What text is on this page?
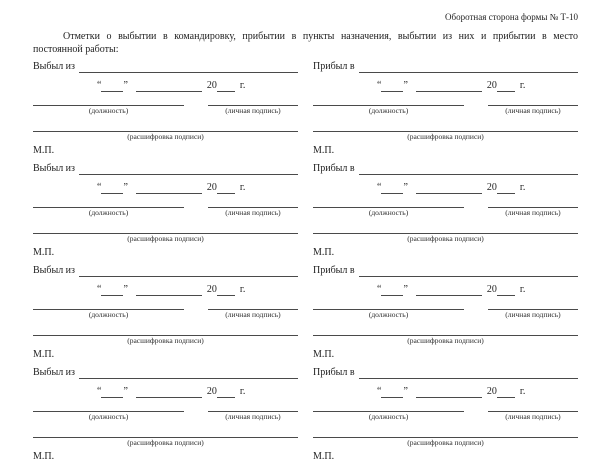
Оборотная сторона формы № Т-10
Отметки о выбытии в командировку, прибытии в пункты назначения, выбытии из них и прибытии в место
постоянной работы:
Выбыл из
“ ”	20 г.
(должность)	(личная подпись)
(расшифровка подписи)
М.П.
Выбыл из
“ ”	20 г.
(должность)	(личная подпись)
(расшифровка подписи)
М.П.
Выбыл из
“ ”	20 г.
(должность)	(личная подпись)
(расшифровка подписи)
М.П.
Выбыл из
“ ”	20 г.
(должность)	(личная подпись)
(расшифровка подписи)
М.П.
Прибыл в
“ ”	20 г.
(должность)	(личная подпись)
(расшифровка подписи)
М.П.
Прибыл в
“ ”	20 г.
(должность)	(личная подпись)
(расшифровка подписи)
М.П.
Прибыл в
“ ”	20 г.
(должность)	(личная подпись)
(расшифровка подписи)
М.П.
Прибыл в
“ ”	20 г.
(должность)	(личная подпись)
(расшифровка подписи)
М.П.
